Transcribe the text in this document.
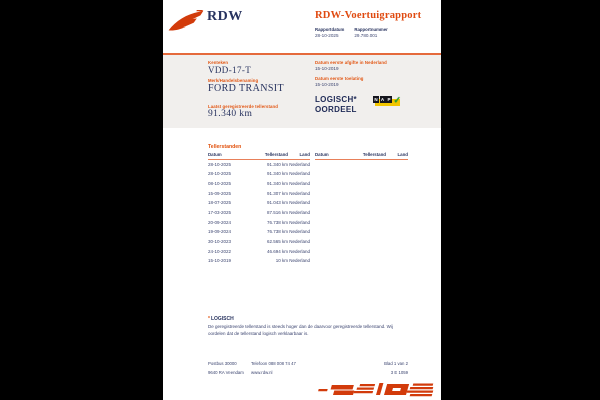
RDW	RDW-Voertuigrapport
Rapportdatum
28-10-2025
Rapportnummer
29.780.001
Kenteken
VDD-17-T
Merk/Handelsbenaming
FORD TRANSIT
Laatst geregistreerde tellerstand
91.340 km
Datum eerste afgifte in Nederland
15-10-2019
Datum eerste toelating
15-10-2019
LOGISCH*
OORDEEL
N A P ✓
Tellerstanden
Datum	Tellerstand	Land
28-10-2025	91.340 km Nederland
28-10-2025	91.340 km Nederland
08-10-2025	91.340 km Nederland
15-09-2025	91.307 km Nederland
18-07-2025	91.043 km Nederland
17-03-2025	87.516 km Nederland
20-09-2024	76.738 km Nederland
19-09-2024	76.738 km Nederland
30-10-2023	62.565 km Nederland
24-10-2022	46.694 km Nederland
15-10-2019	10 km Nederland
Datum	Tellerstand	Land
*LOGISCH
De geregistreerde tellerstand is steeds hoger dan de daarvoor geregistreerde tellerstand. Wij oordelen dat de tellerstand logisch verklaarbaar is.
Postbus 30000
9640 RA Veendam
Telefoon 088 008 74 47
www.rdw.nl
Blad 1 van 2
3 E 1059
